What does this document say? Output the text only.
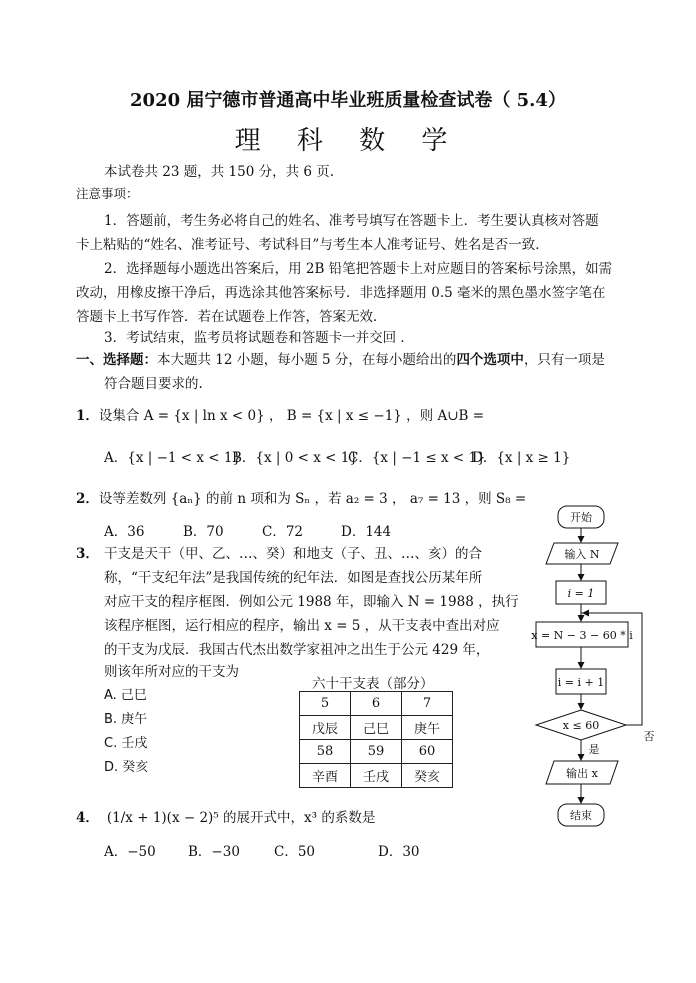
2020 届宁德市普通高中毕业班质量检查试卷（ 5.4）
理 科 数 学
本试卷共 23 题，共 150 分，共 6 页.
注意事项：
1．答题前，考生务必将自己的姓名、准考号填写在答题卡上．考生要认真核对答题
卡上粘贴的“姓名、准考证号、考试科目”与考生本人准考证号、姓名是否一致．
2．选择题每小题选出答案后，用 2B 铅笔把答题卡上对应题目的答案标号涂黑，如需
改动，用橡皮擦干净后，再选涂其他答案标号．非选择题用 0.5 毫米的黑色墨水签字笔在
答题卡上书写作答．若在试题卷上作答，答案无效．
3．考试结束，监考员将试题卷和答题卡一并交回 ．
一、选择题：本大题共 12 小题，每小题 5 分，在每小题给出的四个选项中，只有一项是
符合题目要求的.
1．设集合 A = {x | ln x < 0} ， B = {x | x ≤ −1} ，则 A∪B =
A．{x | −1 < x < 1}
B．{x | 0 < x < 1}
C．{x | −1 ≤ x < 1}
D．{x | x ≥ 1}
2．设等差数列 {aₙ} 的前 n 项和为 Sₙ ，若 a₂ = 3 ， a₇ = 13 ，则 S₈ =
A．36	B．70	C．72	D．144
3． 干支是天干（甲、乙、…、癸）和地支（子、丑、…、亥）的合
称，“干支纪年法”是我国传统的纪年法．如图是查找公历某年所
对应干支的程序框图．例如公元 1988 年，即输入 N = 1988 ，执行
该程序框图，运行相应的程序，输出 x = 5 ，从干支表中查出对应
的干支为戊辰．我国古代杰出数学家祖冲之出生于公元 429 年，
则该年所对应的干支为
A. 己巳
B. 庚午
C. 壬戌
D. 癸亥
六十干支表（部分）
5	6	7
戊辰	己巳	庚午
58	59	60
辛酉	壬戌	癸亥
开始
输入 N
i = 1
x = N − 3 − 60 * i
i = i + 1
x ≤ 60
是
否
输出 x
结束
4． (1/x + 1)(x − 2)⁵ 的展开式中，x³ 的系数是
A．−50 B．−30	C．50	D．30
